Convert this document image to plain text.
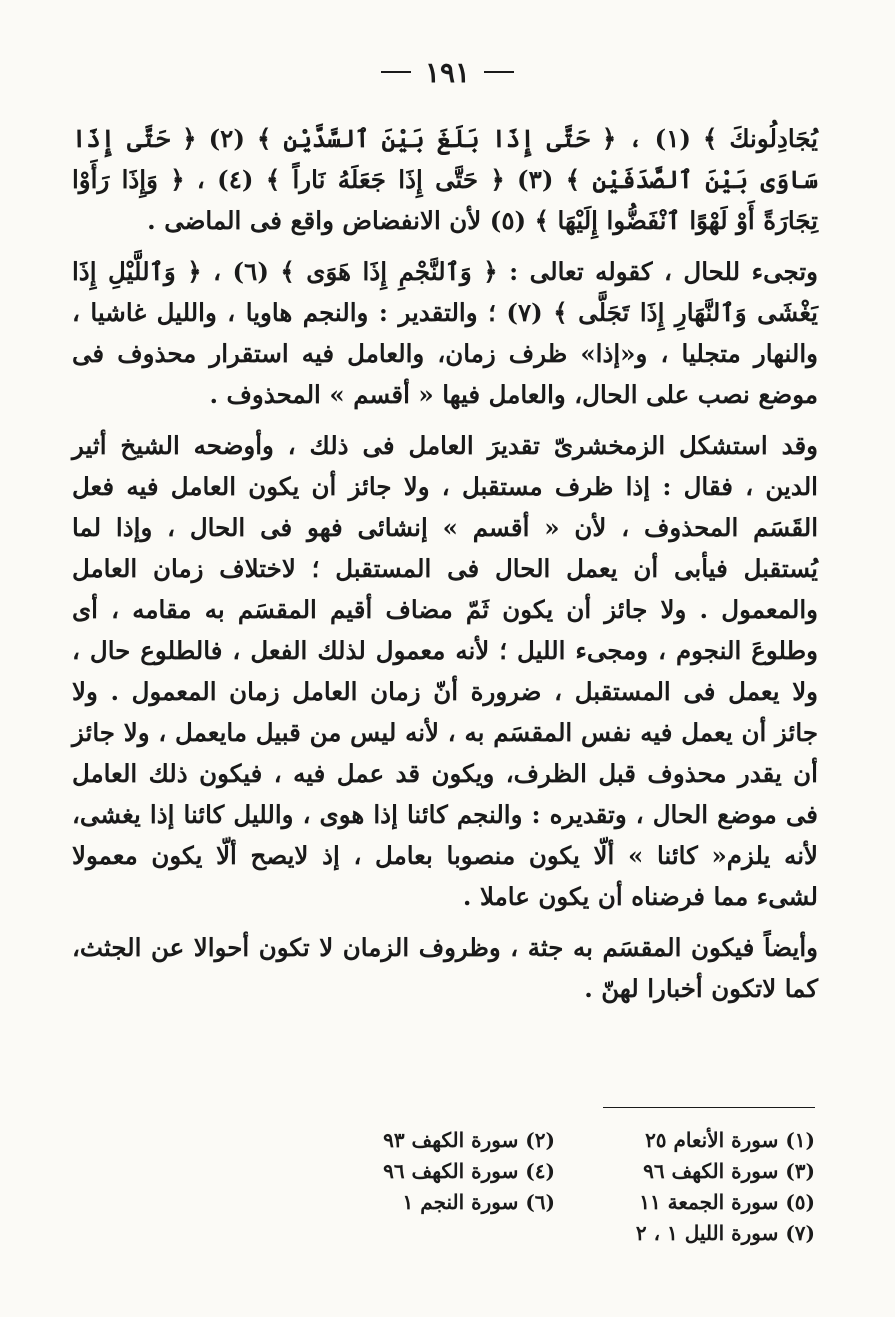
١٩١

يُجَادِلُونكَ ﴾ (١) ، ﴿ حَتَّى إِذَا بَلَغَ بَيْنَ ٱلسَّدَّيْنِ ﴾ (٢) ﴿ حَتَّى إِذَا سَاوَى بَيْنَ ٱلصَّدَفَيْنِ ﴾ (٣) ﴿ حَتَّى إِذَا جَعَلَهُ نَاراً ﴾ (٤) ، ﴿ وَإِذَا رَأَوْا تِجَارَةً أَوْ لَهْوًا ٱنْفَضُّوا إِلَيْهَا ﴾ (٥) لأن الانفضاض واقع فى الماضى .

وتجىء للحال ، كقوله تعالى : ﴿ وَٱلنَّجْمِ إِذَا هَوَى ﴾ (٦) ، ﴿ وَٱللَّيْلِ إِذَا يَغْشَى وَٱلنَّهَارِ إِذَا تَجَلَّى ﴾ (٧) ؛ والتقدير : والنجم هاويا ، والليل غاشيا ، والنهار متجليا ، و«إذا» ظرف زمان، والعامل فيه استقرار محذوف فى موضع نصب على الحال، والعامل فيها « أقسم » المحذوف .

وقد استشكل الزمخشرىّ تقديرَ العامل فى ذلك ، وأوضحه الشيخ أثير الدين ، فقال : إذا ظرف مستقبل ، ولا جائز أن يكون العامل فيه فعل القَسَم المحذوف ، لأن « أقسم » إنشائى فهو فى الحال ، وإذا لما يُستقبل فيأبى أن يعمل الحال فى المستقبل ؛ لاختلاف زمان العامل والمعمول . ولا جائز أن يكون ثَمّ مضاف أقيم المقسَم به مقامه ، أى وطلوعَ النجوم ، ومجىء الليل ؛ لأنه معمول لذلك الفعل ، فالطلوع حال ، ولا يعمل فى المستقبل ، ضرورة أنّ زمان العامل زمان المعمول . ولا جائز أن يعمل فيه نفس المقسَم به ، لأنه ليس من قبيل مايعمل ، ولا جائز أن يقدر محذوف قبل الظرف، ويكون قد عمل فيه ، فيكون ذلك العامل فى موضع الحال ، وتقديره : والنجم كائنا إذا هوى ، والليل كائنا إذا يغشى، لأنه يلزم« كائنا » ألّا يكون منصوبا بعامل ، إذ لايصح ألّا يكون معمولا لشىء مما فرضناه أن يكون عاملا .

وأيضاً فيكون المقسَم به جثة ، وظروف الزمان لا تكون أحوالا عن الجثث، كما لاتكون أخبارا لهنّ .

(١) سورة الأنعام ٢٥
(٢) سورة الكهف ٩٣
(٣) سورة الكهف ٩٦
(٤) سورة الكهف ٩٦
(٥) سورة الجمعة ١١
(٦) سورة النجم ١
(٧) سورة الليل ١ ، ٢
